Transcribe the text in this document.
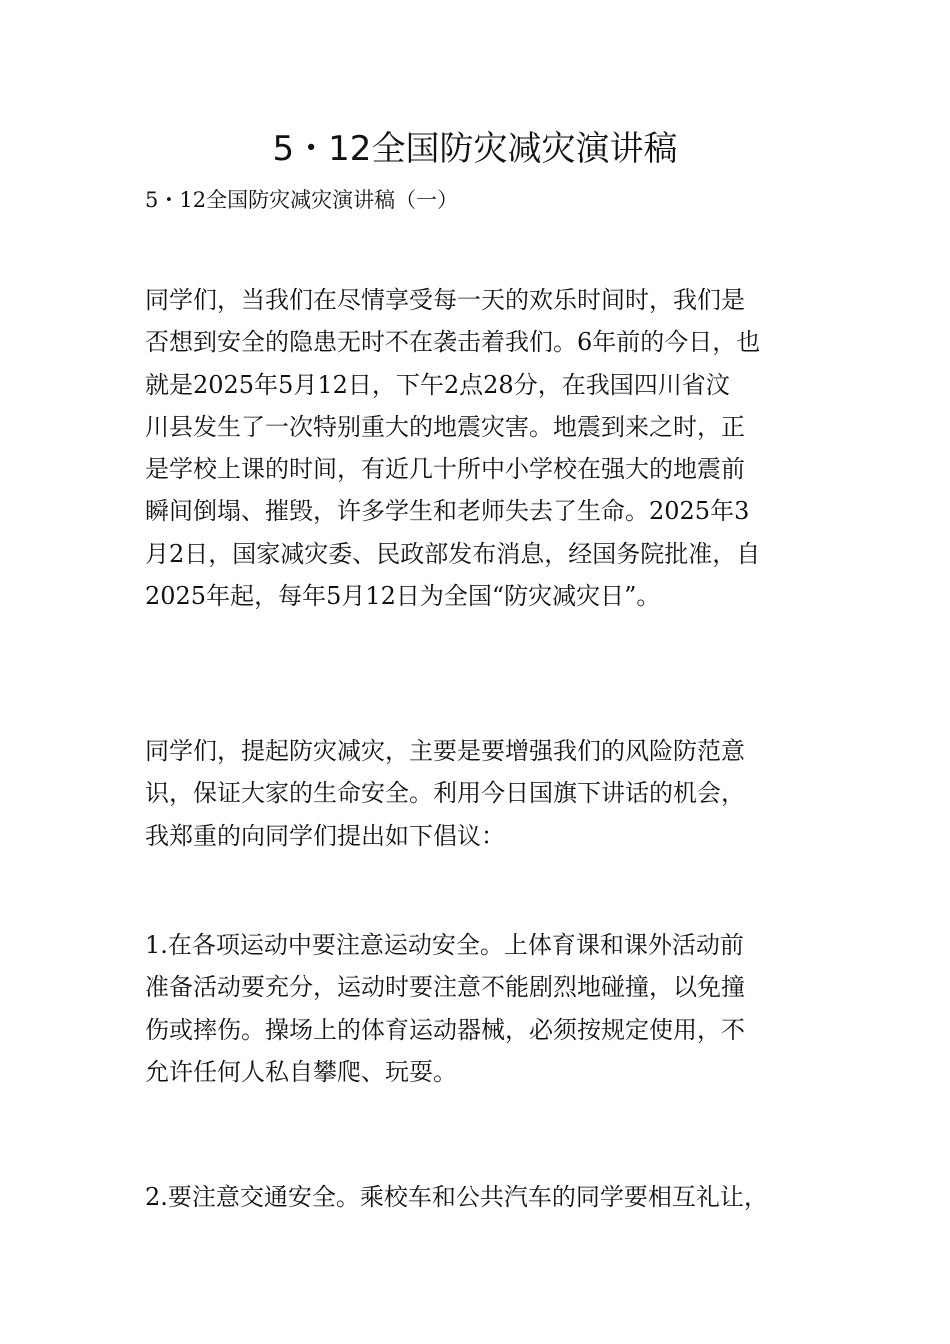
5・12全国防灾减灾演讲稿

5・12全国防灾减灾演讲稿（一）

同学们，当我们在尽情享受每一天的欢乐时间时，我们是
否想到安全的隐患无时不在袭击着我们。6年前的今日，也
就是2025年5月12日，下午2点28分，在我国四川省汶
川县发生了一次特别重大的地震灾害。地震到来之时，正
是学校上课的时间，有近几十所中小学校在强大的地震前
瞬间倒塌、摧毁，许多学生和老师失去了生命。2025年3
月2日，国家减灾委、民政部发布消息，经国务院批准，自
2025年起，每年5月12日为全国“防灾减灾日”。

同学们，提起防灾减灾，主要是要增强我们的风险防范意
识，保证大家的生命安全。利用今日国旗下讲话的机会，
我郑重的向同学们提出如下倡议：

1.在各项运动中要注意运动安全。上体育课和课外活动前
准备活动要充分，运动时要注意不能剧烈地碰撞，以免撞
伤或摔伤。操场上的体育运动器械，必须按规定使用，不
允许任何人私自攀爬、玩耍。

2.要注意交通安全。乘校车和公共汽车的同学要相互礼让，
